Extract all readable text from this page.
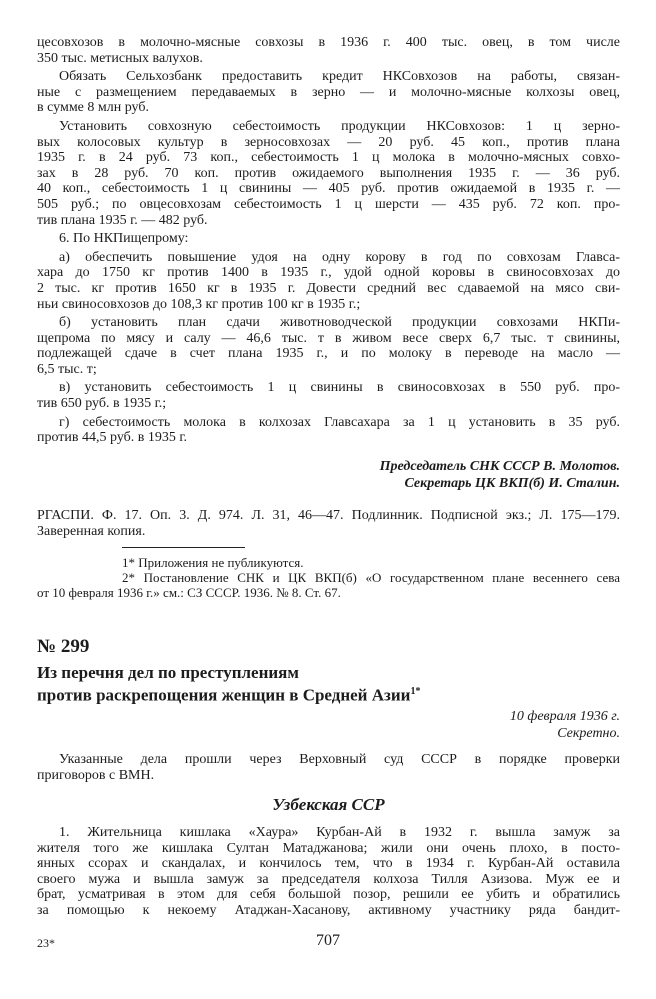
цесовхозов в молочно-мясные совхозы в 1936 г. 400 тыс. овец, в том числе
350 тыс. метисных валухов.
Обязать Сельхозбанк предоставить кредит НКСовхозов на работы, связан-
ные с размещением передаваемых в зерно — и молочно-мясные колхозы овец,
в сумме 8 млн руб.
Установить совхозную себестоимость продукции НКСовхозов: 1 ц зерно-
вых колосовых культур в зерносовхозах — 20 руб. 45 коп., против плана
1935 г. в 24 руб. 73 коп., себестоимость 1 ц молока в молочно-мясных совхо-
зах в 28 руб. 70 коп. против ожидаемого выполнения 1935 г. — 36 руб.
40 коп., себестоимость 1 ц свинины — 405 руб. против ожидаемой в 1935 г. —
505 руб.; по овцесовхозам себестоимость 1 ц шерсти — 435 руб. 72 коп. про-
тив плана 1935 г. — 482 руб.
6. По НКПищепрому:
а) обеспечить повышение удоя на одну корову в год по совхозам Главса-
хара до 1750 кг против 1400 в 1935 г., удой одной коровы в свиносовхозах до
2 тыс. кг против 1650 кг в 1935 г. Довести средний вес сдаваемой на мясо сви-
ньи свиносовхозов до 108,3 кг против 100 кг в 1935 г.;
б) установить план сдачи животноводческой продукции совхозами НКПи-
щепрома по мясу и салу — 46,6 тыс. т в живом весе сверх 6,7 тыс. т свинины,
подлежащей сдаче в счет плана 1935 г., и по молоку в переводе на масло —
6,5 тыс. т;
в) установить себестоимость 1 ц свинины в свиносовхозах в 550 руб. про-
тив 650 руб. в 1935 г.;
г) себестоимость молока в колхозах Главсахара за 1 ц установить в 35 руб.
против 44,5 руб. в 1935 г.
Председатель СНК СССР В. Молотов.
Секретарь ЦК ВКП(б) И. Сталин.
РГАСПИ. Ф. 17. Оп. 3. Д. 974. Л. 31, 46—47. Подлинник. Подписной экз.; Л. 175—179.
Заверенная копия.
1* Приложения не публикуются.
2* Постановление СНК и ЦК ВКП(б) «О государственном плане весеннего сева
от 10 февраля 1936 г.» см.: СЗ СССР. 1936. № 8. Ст. 67.
№ 299
Из перечня дел по преступлениям
против раскрепощения женщин в Средней Азии$^{1*}$
10 февраля 1936 г.
Секретно.
Указанные дела прошли через Верховный суд СССР в порядке проверки
приговоров с ВМН.
Узбекская ССР
1. Жительница кишлака «Хаура» Курбан-Ай в 1932 г. вышла замуж за
жителя того же кишлака Султан Матаджанова; жили они очень плохо, в посто-
янных ссорах и скандалах, и кончилось тем, что в 1934 г. Курбан-Ай оставила
своего мужа и вышла замуж за председателя колхоза Тилля Азизова. Муж ее и
брат, усматривая в этом для себя большой позор, решили ее убить и обратились
за помощью к некоему Атаджан-Хасанову, активному участнику ряда бандит-
23*	707
